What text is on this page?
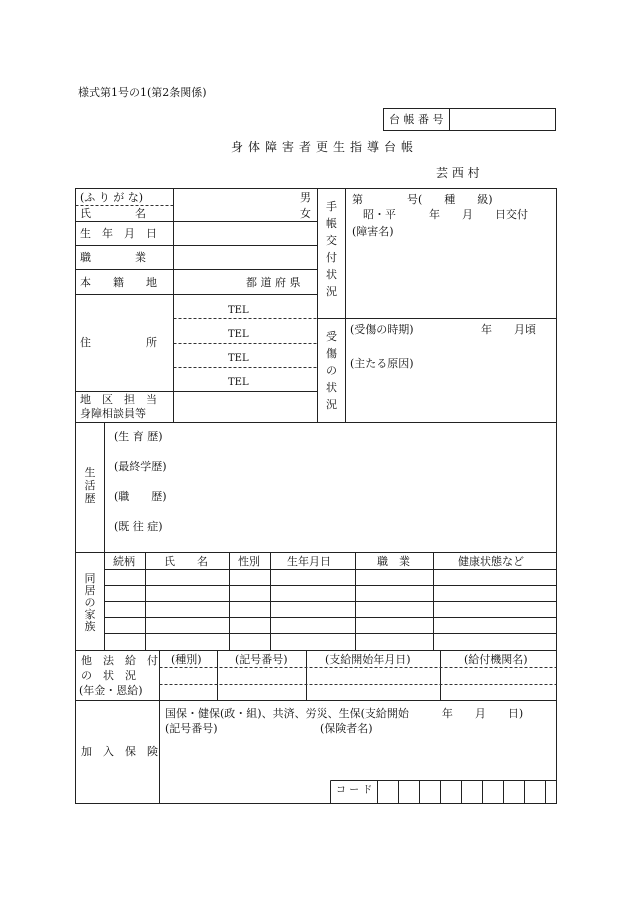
様式第1号の1(第2条関係)
台 帳 番 号
身体障害者更生指導台帳
芸 西 村
(ふ り が な)
氏　　　　名
男
女
生　年　月　日
職　　　　業
本　　籍　　地	都 道 府 県
住　　　　　所
TEL
TEL
TEL
TEL
地　区　担　当
身障相談員等
手
帳
交
付
状
況
第　　　　号(　　種　　級)
昭・平　　　年　　月　　日交付
(障害名)
受
傷
の
状
況
(受傷の時期)	年　　月頃
(主たる原因)
生
活
歴
(生 育 歴)
(最終学歴)
(職　　歴)
(既 往 症)
同
居
の
家
族
続柄	氏　　名	性別 生年月日	職　業	健康状態など
他　法　給　付
の　状　況
(年金・恩給)
(種別)	(記号番号)	(支給開始年月日)	(給付機関名)
加　入　保　険
国保・健保(政・組)、共済、労災、生保(支給開始　　　年　　月　　日)
(記号番号)	(保険者名)
コ ー ド
